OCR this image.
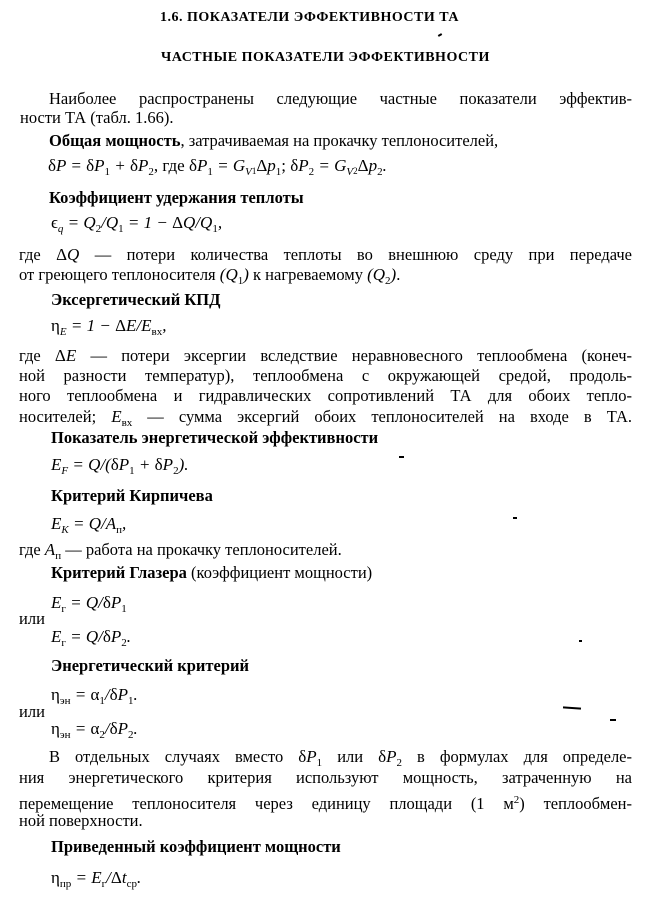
1.6. ПОКАЗАТЕЛИ ЭФФЕКТИВНОСТИ ТА
ЧАСТНЫЕ ПОКАЗАТЕЛИ ЭФФЕКТИВНОСТИ
Наиболее распространены следующие частные показатели эффектив-
ности ТА (табл. 1.66).
Общая мощность, затрачиваемая на прокачку теплоносителей,
$\delta P = \delta P_1 + \delta P_2$, где $\delta P_1 = G_V1\Delta p_1$; $\delta P_2 = G_V2\Delta p_2$.
Коэффициент удержания теплоты
$\epsilon_q = Q_2/Q_1 = 1 - \Delta Q/Q_1$,
где ΔQ — потери количества теплоты во внешнюю среду при передаче
от греющего теплоносителя $(Q_1)$ к нагреваемому $(Q_2)$.
Эксергетический КПД
$\eta_E = 1 - \Delta E/E_{вх}$,
где ΔE — потери эксергии вследствие неравновесного теплообмена (конеч-
ной разности температур), теплообмена с окружающей средой, продоль-
ного теплообмена и гидравлических сопротивлений ТА для обоих тепло-
носителей; $E_{вх}$ — сумма эксергий обоих теплоносителей на входе в ТА.
Показатель энергетической эффективности
$E_F = Q/(\delta P_1 + \delta P_2)$.
Критерий Кирпичева
$E_K = Q/A_п$,
где $A_п$ — работа на прокачку теплоносителей.
Критерий Глазера (коэффициент мощности)
$E_г = Q/\delta P_1$
или
$E_г = Q/\delta P_2$.
Энергетический критерий
$\eta_{эн} = \alpha_1/\delta P_1$.
или
$\eta_{эн} = \alpha_2/\delta P_2$.
В отдельных случаях вместо $\delta P_1$ или $\delta P_2$ в формулах для определе-
ния энергетического критерия используют мощность, затраченную на
перемещение теплоносителя через единицу площади (1 $м^2$) теплообмен-
ной поверхности.
Приведенный коэффициент мощности
$\eta_{пр} = E_г/\Delta t_{ср}$.
